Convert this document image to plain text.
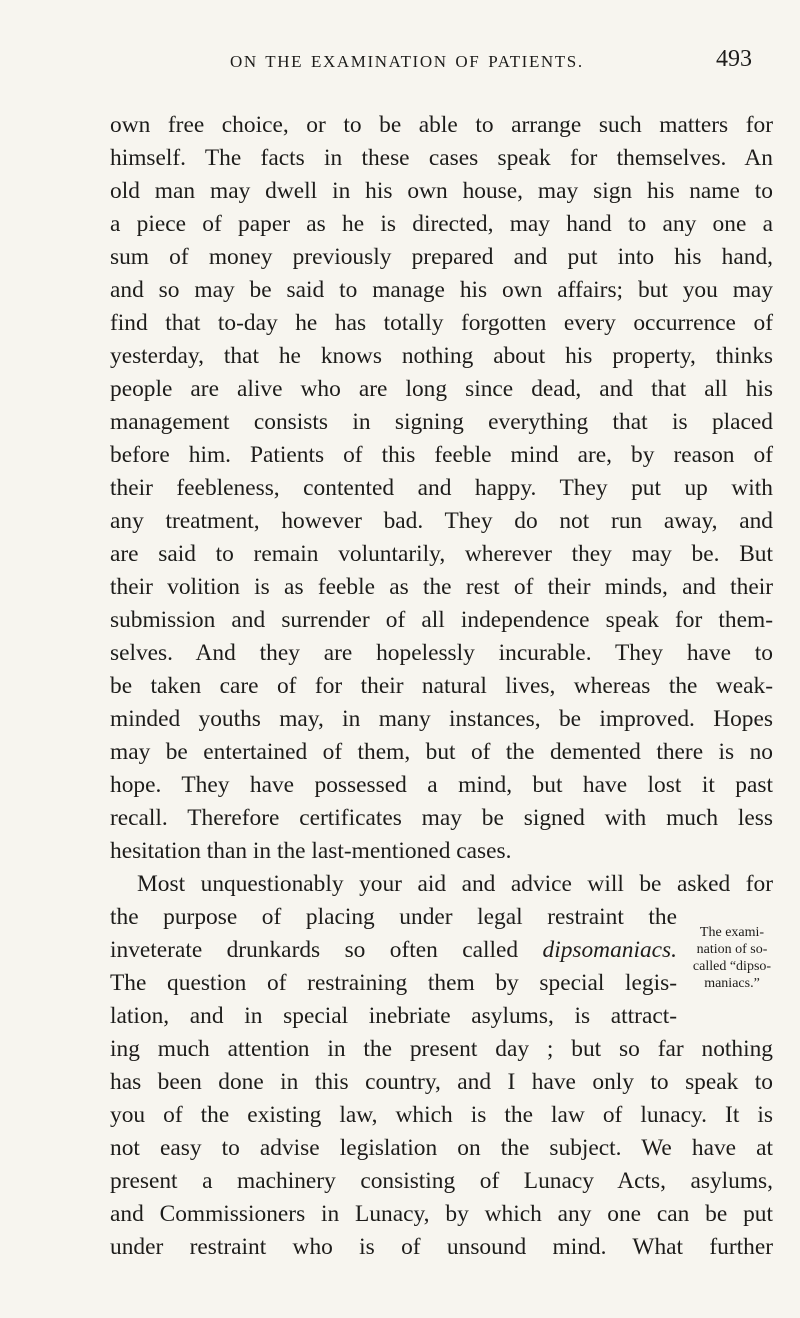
ON THE EXAMINATION OF PATIENTS.	493
own free choice, or to be able to arrange such matters for
himself. The facts in these cases speak for themselves. An
old man may dwell in his own house, may sign his name to
a piece of paper as he is directed, may hand to any one a
sum of money previously prepared and put into his hand,
and so may be said to manage his own affairs; but you may
find that to-day he has totally forgotten every occurrence of
yesterday, that he knows nothing about his property, thinks
people are alive who are long since dead, and that all his
management consists in signing everything that is placed
before him. Patients of this feeble mind are, by reason of
their feebleness, contented and happy. They put up with
any treatment, however bad. They do not run away, and
are said to remain voluntarily, wherever they may be. But
their volition is as feeble as the rest of their minds, and their
submission and surrender of all independence speak for them-
selves. And they are hopelessly incurable. They have to
be taken care of for their natural lives, whereas the weak-
minded youths may, in many instances, be improved. Hopes
may be entertained of them, but of the demented there is no
hope. They have possessed a mind, but have lost it past
recall. Therefore certificates may be signed with much less
hesitation than in the last-mentioned cases.
Most unquestionably your aid and advice will be asked for
the purpose of placing under legal restraint the
inveterate drunkards so often called dipsomaniacs.
The question of restraining them by special legis-
lation, and in special inebriate asylums, is attract-
ing much attention in the present day ; but so far nothing
has been done in this country, and I have only to speak to
you of the existing law, which is the law of lunacy. It is
not easy to advise legislation on the subject. We have at
present a machinery consisting of Lunacy Acts, asylums,
and Commissioners in Lunacy, by which any one can be put
under restraint who is of unsound mind. What further
The exami-
nation of so-
called “dipso-
maniacs.”
